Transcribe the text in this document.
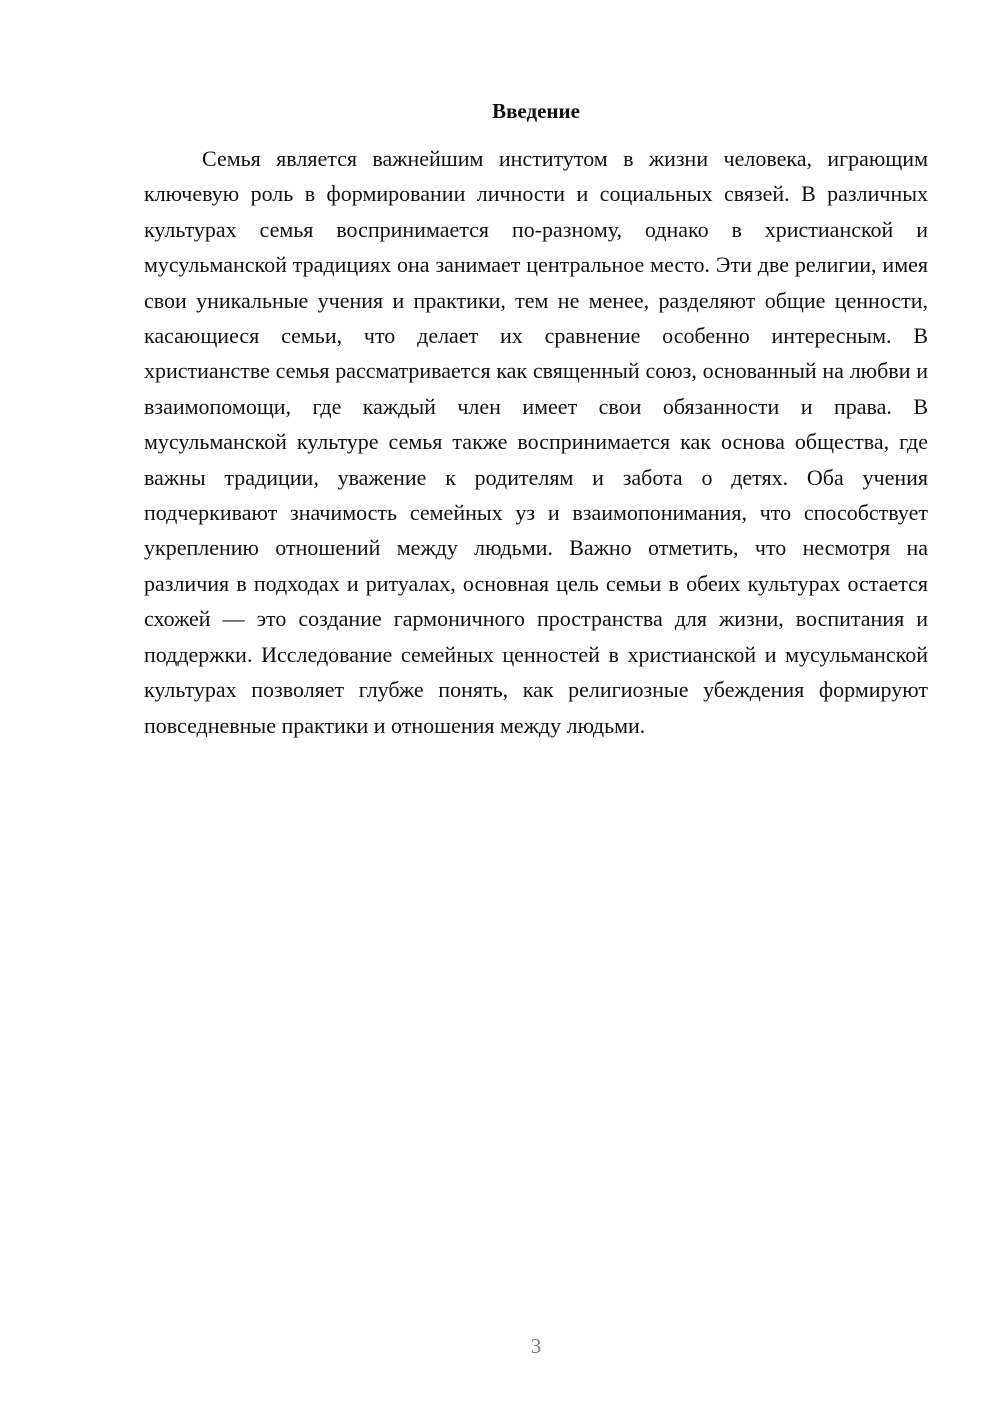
Введение

Семья является важнейшим институтом в жизни человека, играющим ключевую роль в формировании личности и социальных связей. В различных культурах семья воспринимается по-разному, однако в христианской и мусульманской традициях она занимает центральное место. Эти две религии, имея свои уникальные учения и практики, тем не менее, разделяют общие ценности, касающиеся семьи, что делает их сравнение особенно интересным. В христианстве семья рассматривается как священный союз, основанный на любви и взаимопомощи, где каждый член имеет свои обязанности и права. В мусульманской культуре семья также воспринимается как основа общества, где важны традиции, уважение к родителям и забота о детях. Оба учения подчеркивают значимость семейных уз и взаимопонимания, что способствует укреплению отношений между людьми. Важно отметить, что несмотря на различия в подходах и ритуалах, основная цель семьи в обеих культурах остается схожей — это создание гармоничного пространства для жизни, воспитания и поддержки. Исследование семейных ценностей в христианской и мусульманской культурах позволяет глубже понять, как религиозные убеждения формируют повседневные практики и отношения между людьми.

3
